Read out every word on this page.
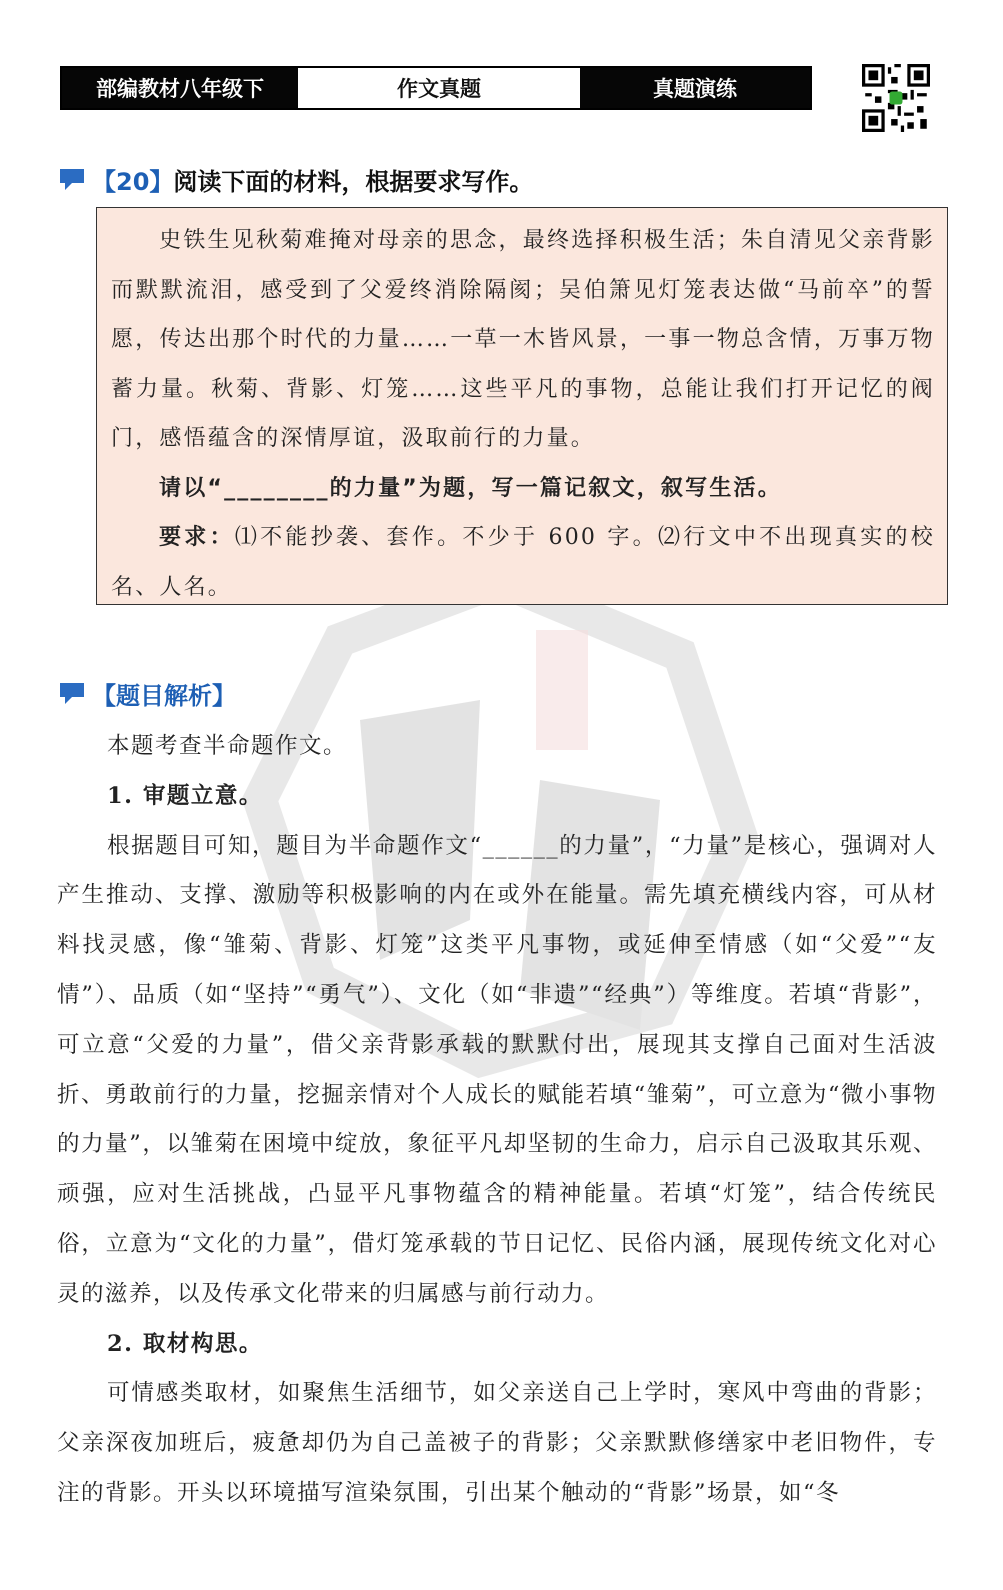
部编教材八年级下	作文真题	真题演练
【20】 阅读下面的材料，根据要求写作。

史铁生见秋菊难掩对母亲的思念，最终选择积极生活；朱自清见父亲背影而默默流泪，感受到了父爱终消除隔阂；吴伯箫见灯笼表达做“马前卒”的誓愿，传达出那个时代的力量……一草一木皆风景，一事一物总含情，万事万物蓄力量。秋菊、背影、灯笼……这些平凡的事物，总能让我们打开记忆的阀门，感悟蕴含的深情厚谊，汲取前行的力量。

请以“________的力量”为题，写一篇记叙文，叙写生活。

要求：⑴不能抄袭、套作。不少于 600 字。⑵行文中不出现真实的校名、人名。

【题目解析】

本题考查半命题作文。

1. 审题立意。

根据题目可知，题目为半命题作文“______的力量”，“力量”是核心，强调对人产生推动、支撑、激励等积极影响的内在或外在能量。需先填充横线内容，可从材料找灵感，像“雏菊、背影、灯笼”这类平凡事物，或延伸至情感（如“父爱”“友情”）、品质（如“坚持”“勇气”）、文化（如“非遗”“经典”）等维度。若填“背影”，可立意“父爱的力量”，借父亲背影承载的默默付出，展现其支撑自己面对生活波折、勇敢前行的力量，挖掘亲情对个人成长的赋能若填“雏菊”，可立意为“微小事物的力量”，以雏菊在困境中绽放，象征平凡却坚韧的生命力，启示自己汲取其乐观、顽强，应对生活挑战，凸显平凡事物蕴含的精神能量。若填“灯笼”，结合传统民俗，立意为“文化的力量”，借灯笼承载的节日记忆、民俗内涵，展现传统文化对心灵的滋养，以及传承文化带来的归属感与前行动力。

2. 取材构思。

可情感类取材，如聚焦生活细节，如父亲送自己上学时，寒风中弯曲的背影；父亲深夜加班后，疲惫却仍为自己盖被子的背影；父亲默默修缮家中老旧物件，专注的背影。开头以环境描写渲染氛围，引出某个触动的“背影”场景，如“冬
